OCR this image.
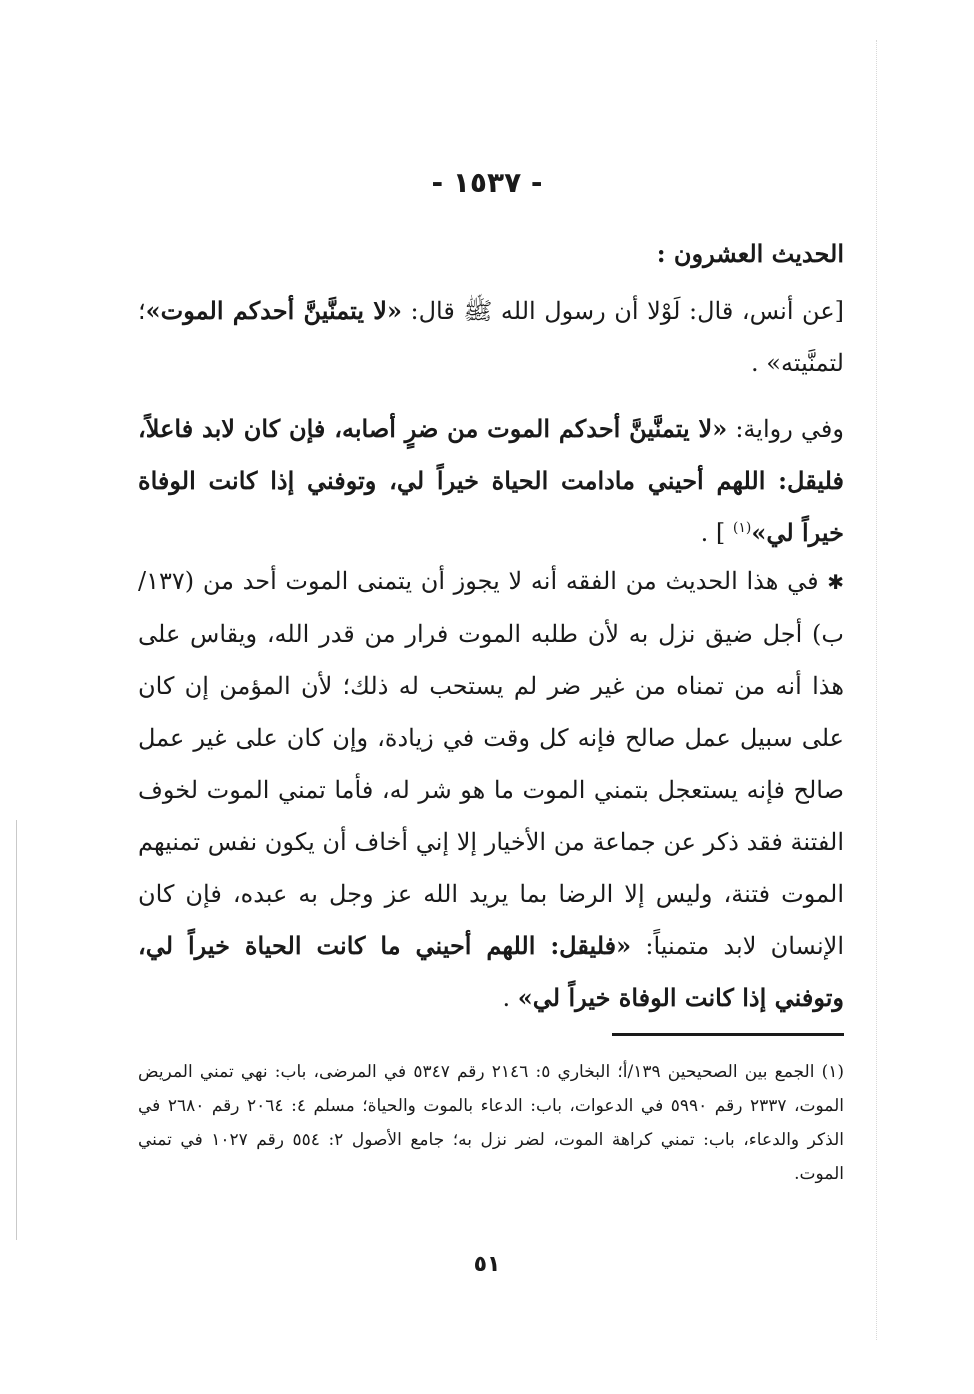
- ١٥٣٧ -
الحديث العشرون :

[عن أنس، قال: لَوْلا أن رسول الله ﷺ قال: «لا يتمنَّينَّ أحدكم الموت»؛ لتمنَّيته» .

وفي رواية: «لا يتمنَّينَّ أحدكم الموت من ضرٍ أصابه، فإن كان لابد فاعلاً، فليقل: اللهم أحيني مادامت الحياة خيراً لي، وتوفني إذا كانت الوفاة خيراً لي»$^{(١)}$ ] .

✱ في هذا الحديث من الفقه أنه لا يجوز أن يتمنى الموت أحد من (١٣٧/ ب) أجل ضيق نزل به لأن طلبه الموت فرار من قدر الله، ويقاس على هذا أنه من تمناه من غير ضر لم يستحب له ذلك؛ لأن المؤمن إن كان على سبيل عمل صالح فإنه كل وقت في زيادة، وإن كان على غير عمل صالح فإنه يستعجل بتمني الموت ما هو شر له، فأما تمني الموت لخوف الفتنة فقد ذكر عن جماعة من الأخيار إلا إني أخاف أن يكون نفس تمنيهم الموت فتنة، وليس إلا الرضا بما يريد الله عز وجل به عبده، فإن كان الإنسان لابد متمنياً: «فليقل: اللهم أحيني ما كانت الحياة خيراً لي، وتوفني إذا كانت الوفاة خيراً لي» .

(١) الجمع بين الصحيحين ١٣٩/أ؛ البخاري ٥: ٢١٤٦ رقم ٥٣٤٧ في المرضى، باب: نهي تمني المريض الموت، ٢٣٣٧ رقم ٥٩٩٠ في الدعوات، باب: الدعاء بالموت والحياة؛ مسلم ٤: ٢٠٦٤ رقم ٢٦٨٠ في الذكر والدعاء، باب: تمني كراهة الموت، لضر نزل به؛ جامع الأصول ٢: ٥٥٤ رقم ١٠٢٧ في تمني الموت.

٥١
